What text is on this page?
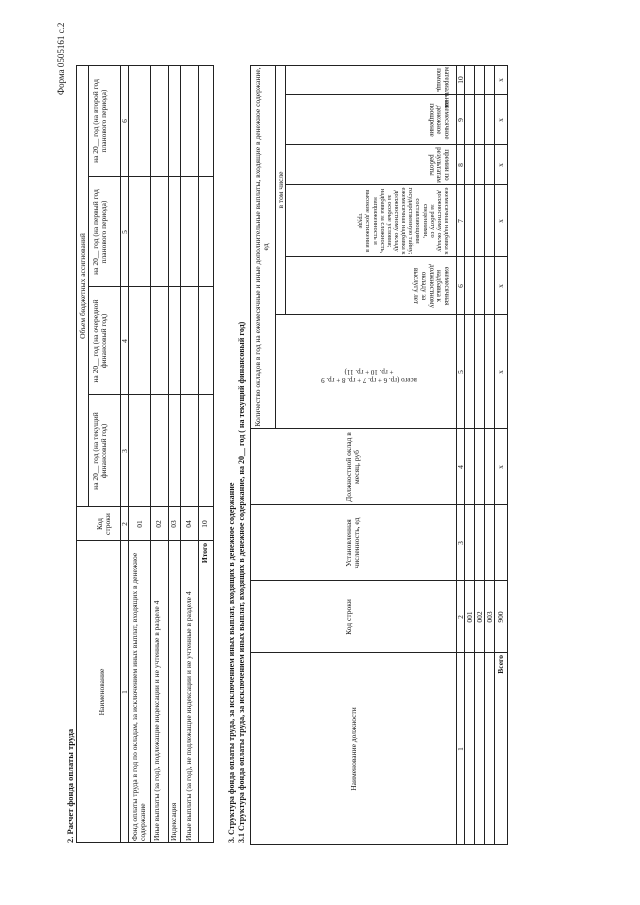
Форма 0505161 с.2
2. Расчет фонда оплаты труда
Наименование
Код строки
Объем бюджетных ассигнований
на 20__ год (на текущий финансовый год)
на 20__ год (на очередной финансовый год)
на 20__ год (на первый год планового периода)
на 20__ год (на второй год планового периода)
1
2
3
4
5
6
Фонд оплаты труда в год по окладам, за исключением иных выплат, входящих в денежное содержание
01
Иные выплаты (за год), подлежащие индексации и не учтенные в разделе 4
02
Индексация
03
Иные выплаты (за год), не подлежащие индексации и не учтенные в разделе 4
04
Итого
10 3. Структура фонда оплаты труда, за исключением иных выплат, входящих в денежное содержание 3.1 Структура фонда оплаты труда, за исключением иных выплат, входящих в денежное содержание, на 20__ год ( на текущий финансовый год)	Наименование должности
Код строки
Установленная численность, ед
Должностной оклад в месяц, руб
Количество окладов в год на ежемесячные и иные дополнительные выплаты, входящие в денежное содержание, ед
в том числе
всего (гр. 6 + гр. 7 + гр. 8 + гр. 9 + гр. 10 + гр. 11)
ежемесячная надбавка к должностному окладу за выслугу лет
ежемесячная надбавка к должностному окладу за работу со сведениями, составляющими государственную тайну; ежемесячная надбавка к должностному окладу за особые условия; надбавка за сложность, напряженность и высокие достижения в труде
премии по результатам работы
ежемесячное денежное поощрение
материальная помощь
1
2
3
4
5
6
7
8
9
10
001 002 003
Всего
900
x
x
x
x
x
x
x
